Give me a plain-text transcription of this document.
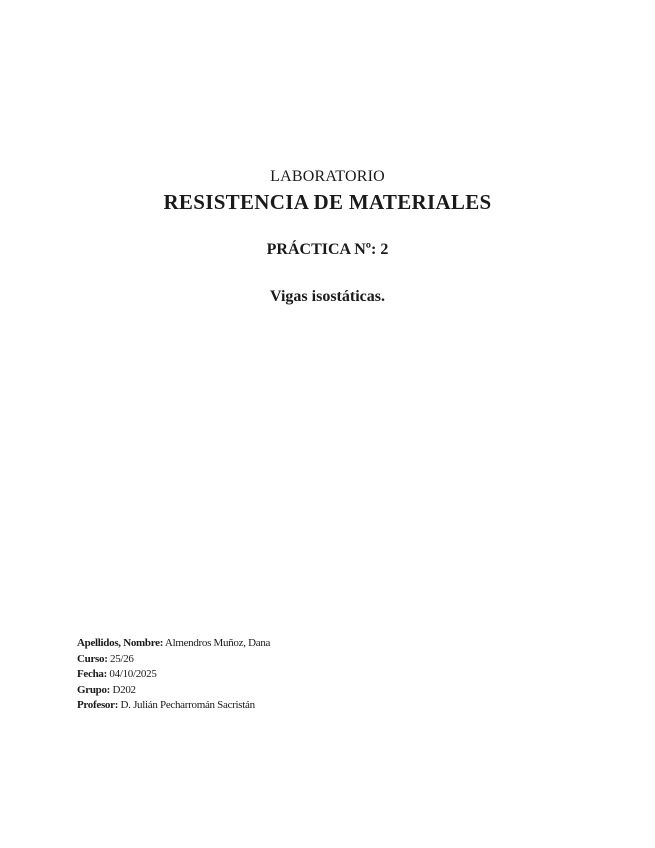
LABORATORIO
RESISTENCIA DE MATERIALES
PRÁCTICA Nº: 2
Vigas isostáticas.
Apellidos, Nombre: Almendros Muñoz, Dana
Curso: 25/26
Fecha: 04/10/2025
Grupo: D202
Profesor: D. Julián Pecharromán Sacristán
